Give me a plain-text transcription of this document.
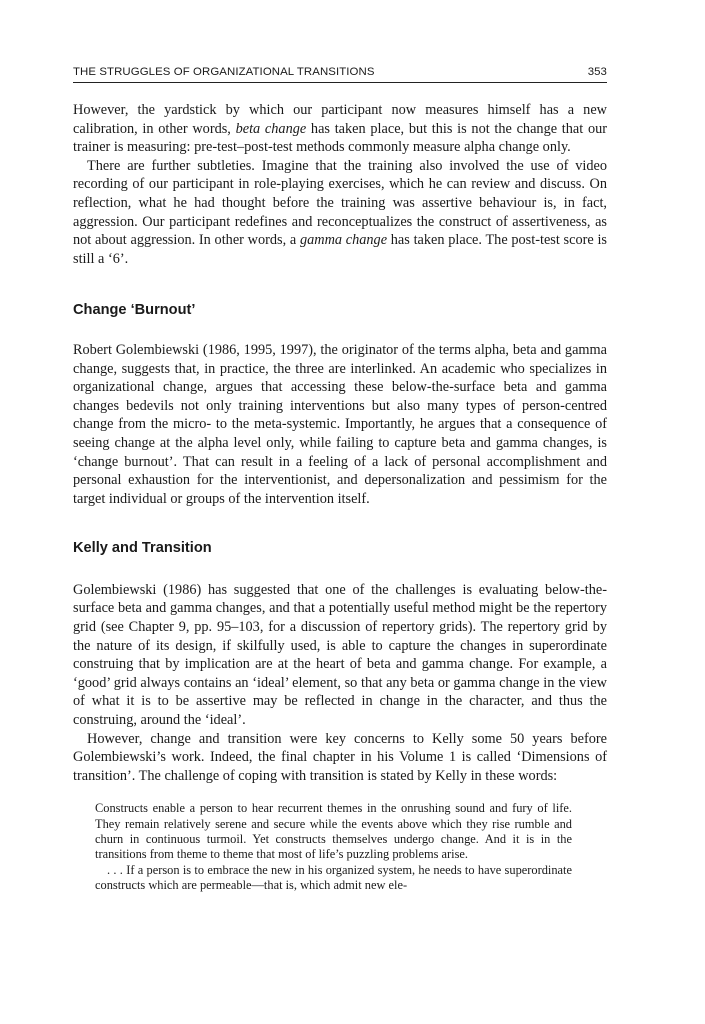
THE STRUGGLES OF ORGANIZATIONAL TRANSITIONS	353

However, the yardstick by which our participant now measures himself has a new calibration, in other words, beta change has taken place, but this is not the change that our trainer is measuring: pre-test–post-test methods commonly measure alpha change only.

There are further subtleties. Imagine that the training also involved the use of video recording of our participant in role-playing exercises, which he can review and discuss. On reflection, what he had thought before the training was assertive behaviour is, in fact, aggression. Our participant redefines and reconceptualizes the construct of assertiveness, as not about aggression. In other words, a gamma change has taken place. The post-test score is still a ‘6’.

Change ‘Burnout’

Robert Golembiewski (1986, 1995, 1997), the originator of the terms alpha, beta and gamma change, suggests that, in practice, the three are interlinked. An academic who specializes in organizational change, argues that accessing these below-the-surface beta and gamma changes bedevils not only training interventions but also many types of person-centred change from the micro- to the meta-systemic. Importantly, he argues that a consequence of seeing change at the alpha level only, while failing to capture beta and gamma changes, is ‘change burnout’. That can result in a feeling of a lack of personal accomplishment and personal exhaustion for the interventionist, and depersonalization and pessimism for the target individual or groups of the intervention itself.

Kelly and Transition

Golembiewski (1986) has suggested that one of the challenges is evaluating below-the-surface beta and gamma changes, and that a potentially useful method might be the repertory grid (see Chapter 9, pp. 95–103, for a discussion of repertory grids). The repertory grid by the nature of its design, if skilfully used, is able to capture the changes in superordinate construing that by implication are at the heart of beta and gamma change. For example, a ‘good’ grid always contains an ‘ideal’ element, so that any beta or gamma change in the view of what it is to be assertive may be reflected in change in the character, and thus the construing, around the ‘ideal’.

However, change and transition were key concerns to Kelly some 50 years before Golembiewski’s work. Indeed, the final chapter in his Volume 1 is called ‘Dimensions of transition’. The challenge of coping with transition is stated by Kelly in these words:

Constructs enable a person to hear recurrent themes in the onrushing sound and fury of life. They remain relatively serene and secure while the events above which they rise rumble and churn in continuous turmoil. Yet constructs themselves undergo change. And it is in the transitions from theme to theme that most of life’s puzzling problems arise.

. . . If a person is to embrace the new in his organized system, he needs to have superordinate constructs which are permeable—that is, which admit new ele-
